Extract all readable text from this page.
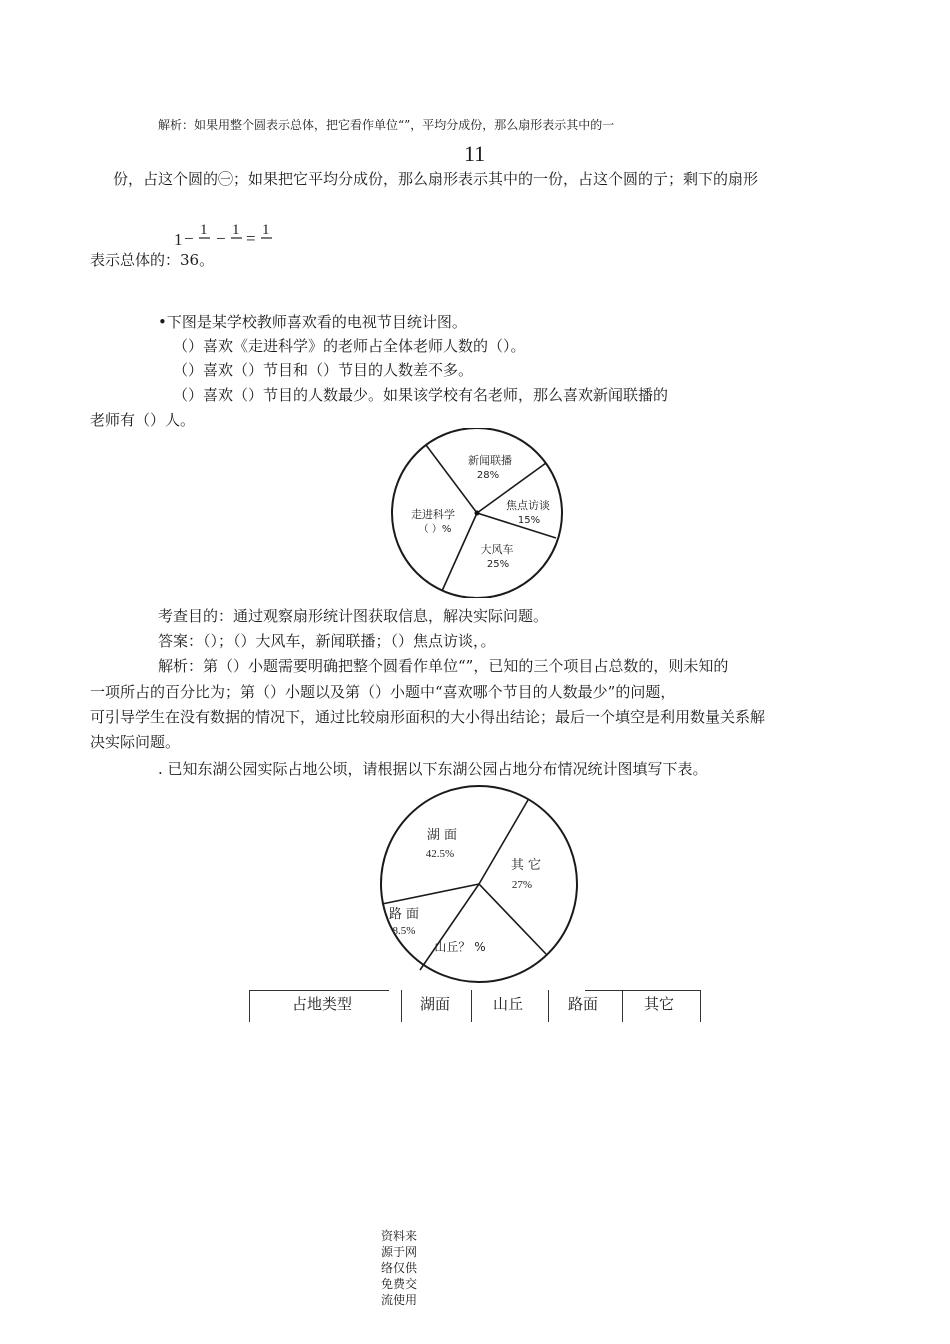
解析：如果用整个圆表示总体，把它看作单位“”，平均分成份，那么扇形表示其中的一
11
份，占这个圆的㊀；如果把它平均分成份，那么扇形表示其中的一份，占这个圆的亍；剩下的扇形
1 − 1 − 1 = 1
表示总体的：36。
•下图是某学校教师喜欢看的电视节目统计图。
（）喜欢《走进科学》的老师占全体老师人数的（）。
（）喜欢（）节目和（）节目的人数差不多。
（）喜欢（）节目的人数最少。如果该学校有名老师，那么喜欢新闻联播的
老师有（）人。
新闻联播
28%
焦点访谈
15%
大风车
25%
走进科学
（ ）%
考查目的：通过观察扇形统计图获取信息，解决实际问题。
答案：（）；（）大风车，新闻联播；（）焦点访谈，。
解析：第（）小题需要明确把整个圆看作单位“”，已知的三个项目占总数的，则未知的
一项所占的百分比为；第（）小题以及第（）小题中“喜欢哪个节目的人数最少”的问题，
可引导学生在没有数据的情况下，通过比较扇形面积的大小得出结论；最后一个填空是利用数量关系解
决实际问题。
. 已知东湖公园实际占地公顷，请根据以下东湖公园占地分布情况统计图填写下表。
湖 面
42.5%
其 它
27%
山丘？ %
路 面
8.5%
占地类型	湖面	山丘	路面	其它
资料来
源于网
络仅供
免费交
流使用
